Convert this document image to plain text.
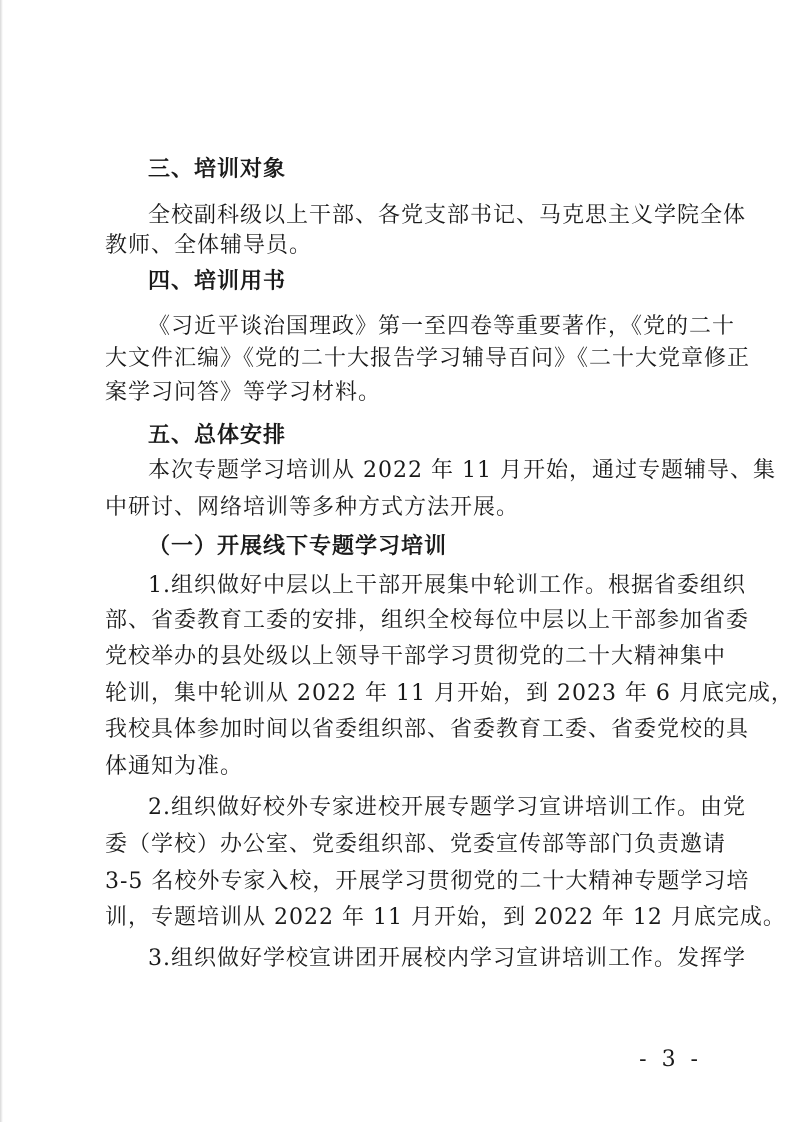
三、培训对象
全校副科级以上干部、各党支部书记、马克思主义学院全体
教师、全体辅导员。
四、培训用书
《习近平谈治国理政》第一至四卷等重要著作，《党的二十
大文件汇编》《党的二十大报告学习辅导百问》《二十大党章修正
案学习问答》等学习材料。
五、总体安排
本次专题学习培训从 2022 年 11 月开始，通过专题辅导、集
中研讨、网络培训等多种方式方法开展。
（一）开展线下专题学习培训
1.组织做好中层以上干部开展集中轮训工作。根据省委组织
部、省委教育工委的安排，组织全校每位中层以上干部参加省委
党校举办的县处级以上领导干部学习贯彻党的二十大精神集中
轮训，集中轮训从 2022 年 11 月开始，到 2023 年 6 月底完成，
我校具体参加时间以省委组织部、省委教育工委、省委党校的具
体通知为准。
2.组织做好校外专家进校开展专题学习宣讲培训工作。由党
委（学校）办公室、党委组织部、党委宣传部等部门负责邀请
3-5 名校外专家入校，开展学习贯彻党的二十大精神专题学习培
训，专题培训从 2022 年 11 月开始，到 2022 年 12 月底完成。
3.组织做好学校宣讲团开展校内学习宣讲培训工作。发挥学
- 3 -
